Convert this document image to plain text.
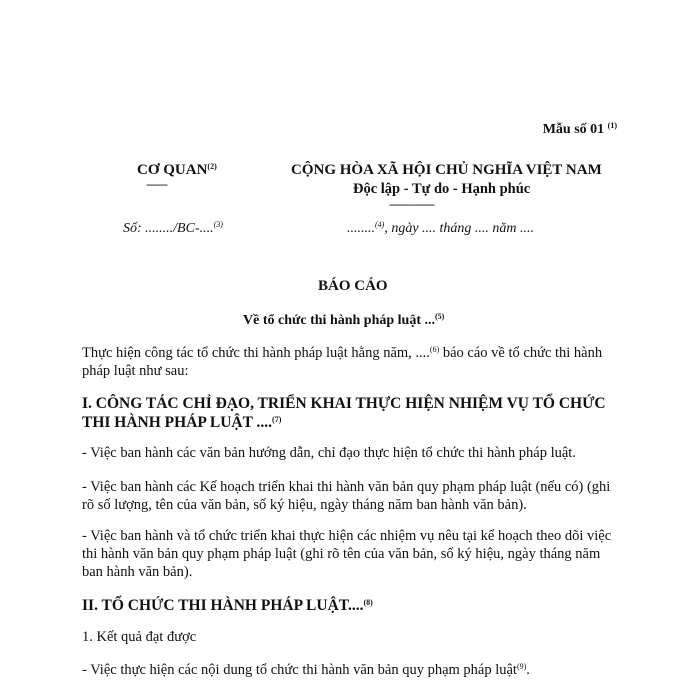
Mẫu số 01 $^{(1)}$
CƠ QUAN$^{(2)}$
-------
CỘNG HÒA XÃ HỘI CHỦ NGHĨA VIỆT NAM
Độc lập - Tự do - Hạnh phúc
---------------
Số: ......../BC-....$^{(3)}$	........$^{(4)}$, ngày .... tháng .... năm ....
BÁO CÁO
Về tổ chức thi hành pháp luật ...$^{(5)}$
Thực hiện công tác tổ chức thi hành pháp luật hằng năm, ....$^{(6)}$ báo cáo về tổ chức thi hành pháp luật như sau:
I. CÔNG TÁC CHỈ ĐẠO, TRIỂN KHAI THỰC HIỆN NHIỆM VỤ TỔ CHỨC THI HÀNH PHÁP LUẬT ....$^{(7)}$
- Việc ban hành các văn bản hướng dẫn, chỉ đạo thực hiện tổ chức thi hành pháp luật.
- Việc ban hành các Kế hoạch triển khai thi hành văn bản quy phạm pháp luật (nếu có) (ghi rõ số lượng, tên của văn bản, số ký hiệu, ngày tháng năm ban hành văn bản).
- Việc ban hành và tổ chức triển khai thực hiện các nhiệm vụ nêu tại kế hoạch theo dõi việc thi hành văn bản quy phạm pháp luật (ghi rõ tên của văn bản, số ký hiệu, ngày tháng năm ban hành văn bản).
II. TỔ CHỨC THI HÀNH PHÁP LUẬT....$^{(8)}$
1. Kết quả đạt được
- Việc thực hiện các nội dung tổ chức thi hành văn bản quy phạm pháp luật$^{(9)}$.
